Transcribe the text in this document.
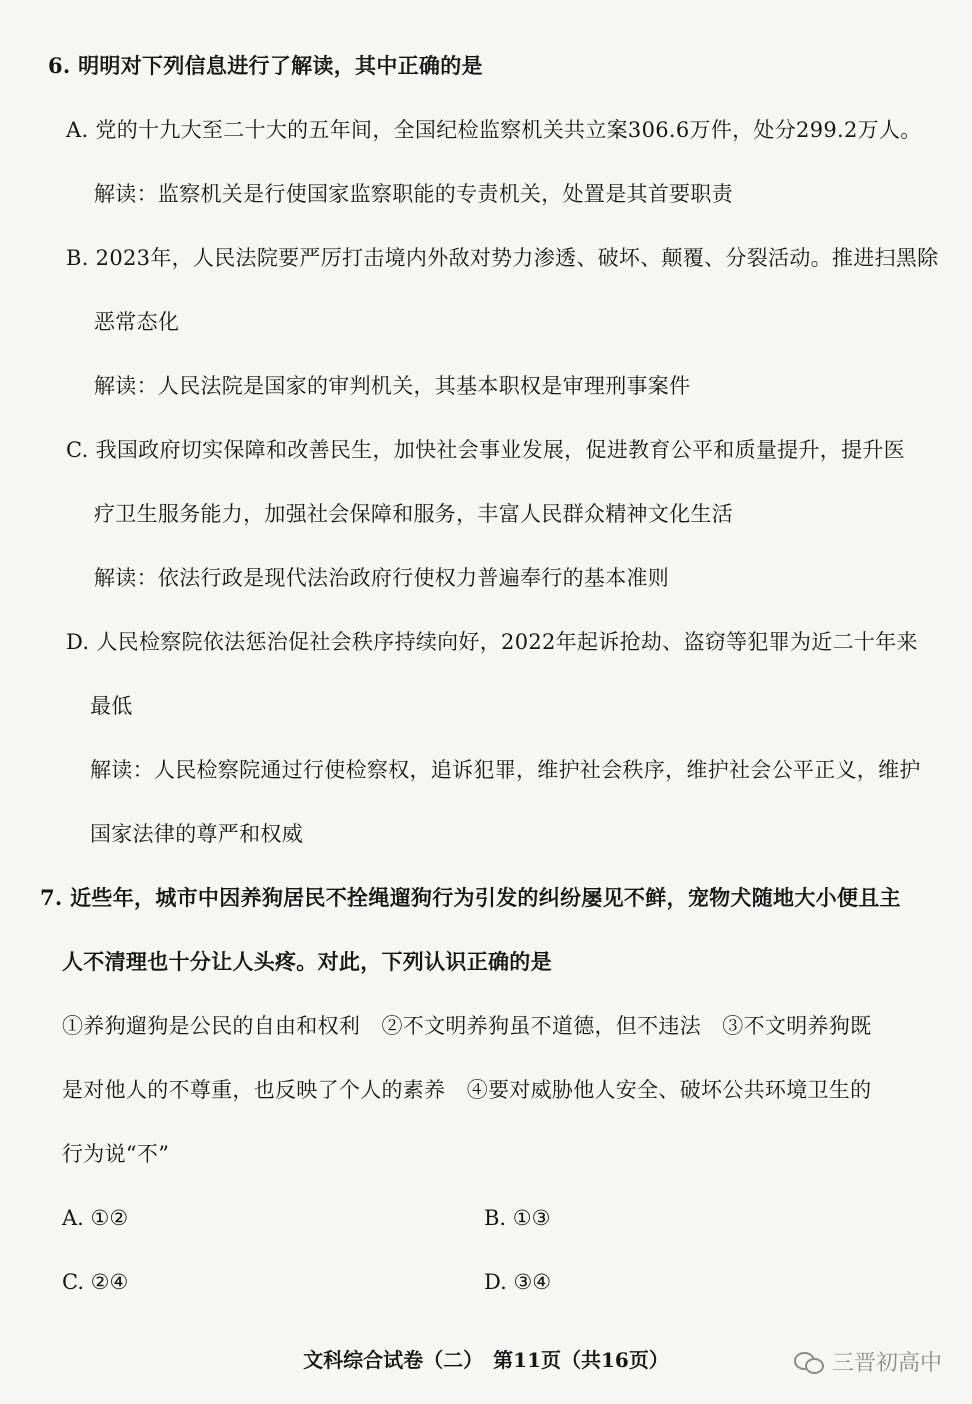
6. 明明对下列信息进行了解读，其中正确的是
A. 党的十九大至二十大的五年间，全国纪检监察机关共立案306.6万件，处分299.2万人。
解读：监察机关是行使国家监察职能的专责机关，处置是其首要职责
B. 2023年，人民法院要严厉打击境内外敌对势力渗透、破坏、颠覆、分裂活动。推进扫黑除
恶常态化
解读：人民法院是国家的审判机关，其基本职权是审理刑事案件
C. 我国政府切实保障和改善民生，加快社会事业发展，促进教育公平和质量提升，提升医
疗卫生服务能力，加强社会保障和服务，丰富人民群众精神文化生活
解读：依法行政是现代法治政府行使权力普遍奉行的基本准则
D. 人民检察院依法惩治促社会秩序持续向好，2022年起诉抢劫、盗窃等犯罪为近二十年来
最低
解读：人民检察院通过行使检察权，追诉犯罪，维护社会秩序，维护社会公平正义，维护
国家法律的尊严和权威
7. 近些年，城市中因养狗居民不拴绳遛狗行为引发的纠纷屡见不鲜，宠物犬随地大小便且主
人不清理也十分让人头疼。对此，下列认识正确的是
①养狗遛狗是公民的自由和权利　②不文明养狗虽不道德，但不违法　③不文明养狗既
是对他人的不尊重，也反映了个人的素养　④要对威胁他人安全、破坏公共环境卫生的
行为说“不”
A. ①②	B. ①③
C. ②④	D. ③④
文科综合试卷（二）　第11页（共16页）	三晋初高中
